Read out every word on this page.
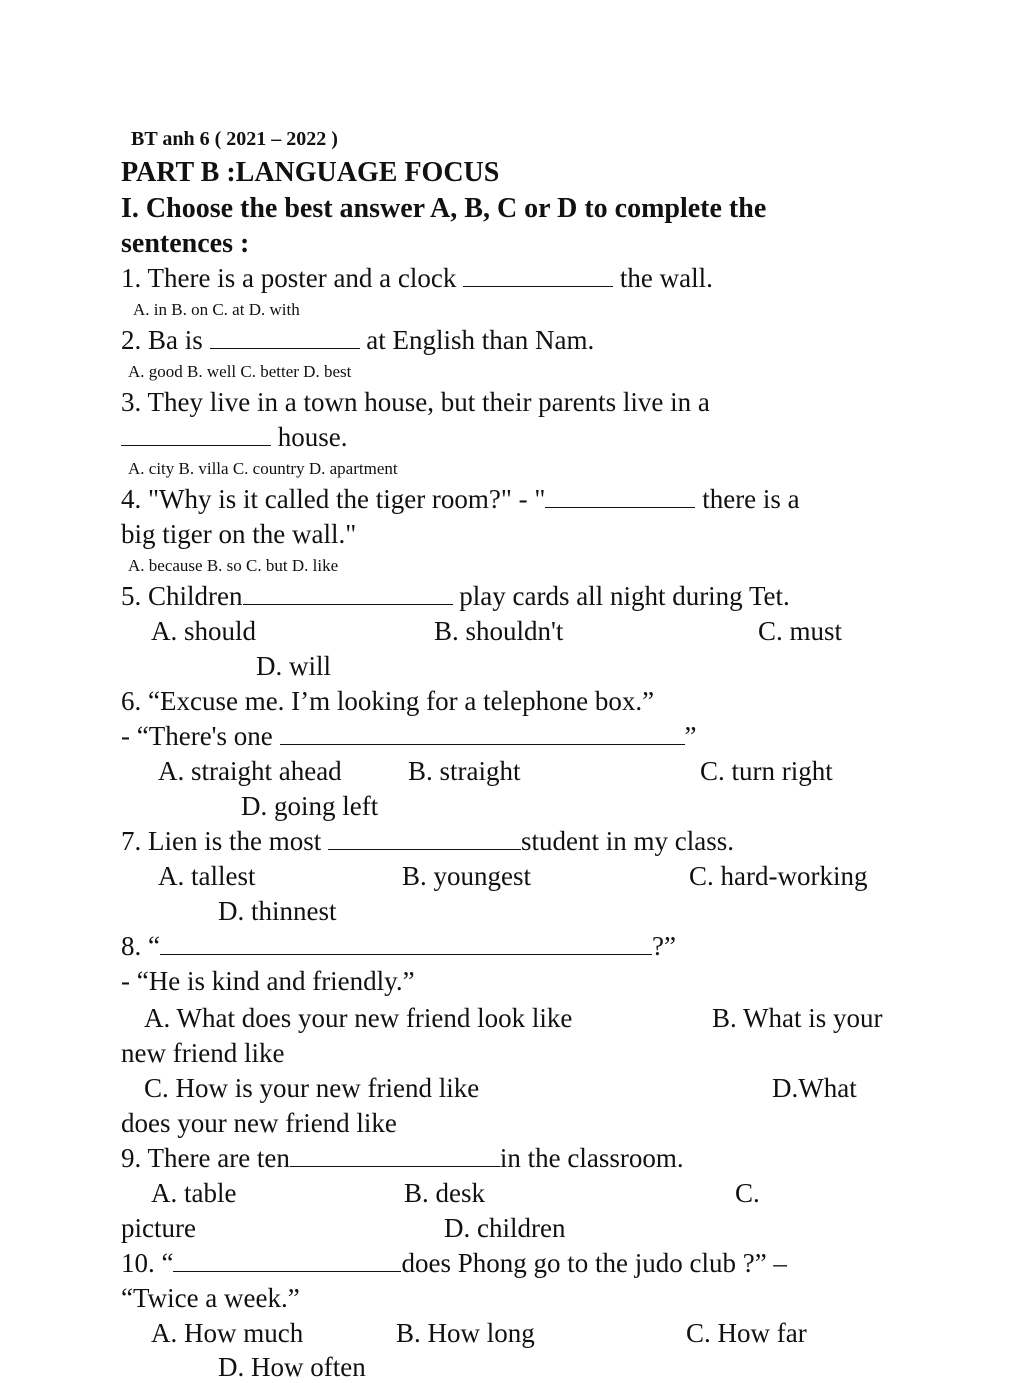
BT anh 6 ( 2021 – 2022 )
PART B :LANGUAGE FOCUS
I. Choose the best answer A, B, C or D to complete the
sentences :
1. There is a poster and a clock	the wall.
A. in B. on C. at D. with
2. Ba is	at English than Nam.
A. good B. well C. better D. best
3. They live in a town house, but their parents live in a
house.
A. city B. villa C. country D. apartment
4. "Why is it called the tiger room?" - "	there is a
big tiger on the wall."
A. because B. so C. but D. like
5. Children	play cards all night during Tet.
A. should	B. shouldn't	C. must
D. will
6. “Excuse me. I’m looking for a telephone box.”
- “There's one	”
A. straight ahead B. straight	C. turn right
D. going left
7. Lien is the most	student in my class.
A. tallest	B. youngest	C. hard-working
D. thinnest
8. “	?”
- “He is kind and friendly.”
A. What does your new friend look like	B. What is your
new friend like
C. How is your new friend like	D.What
does your new friend like
9. There are ten	in the classroom.
A. table	B. desk	C.
picture	D. children
10. “	does Phong go to the judo club ?” –
“Twice a week.”
A. How much	B. How long	C. How far
D. How often
